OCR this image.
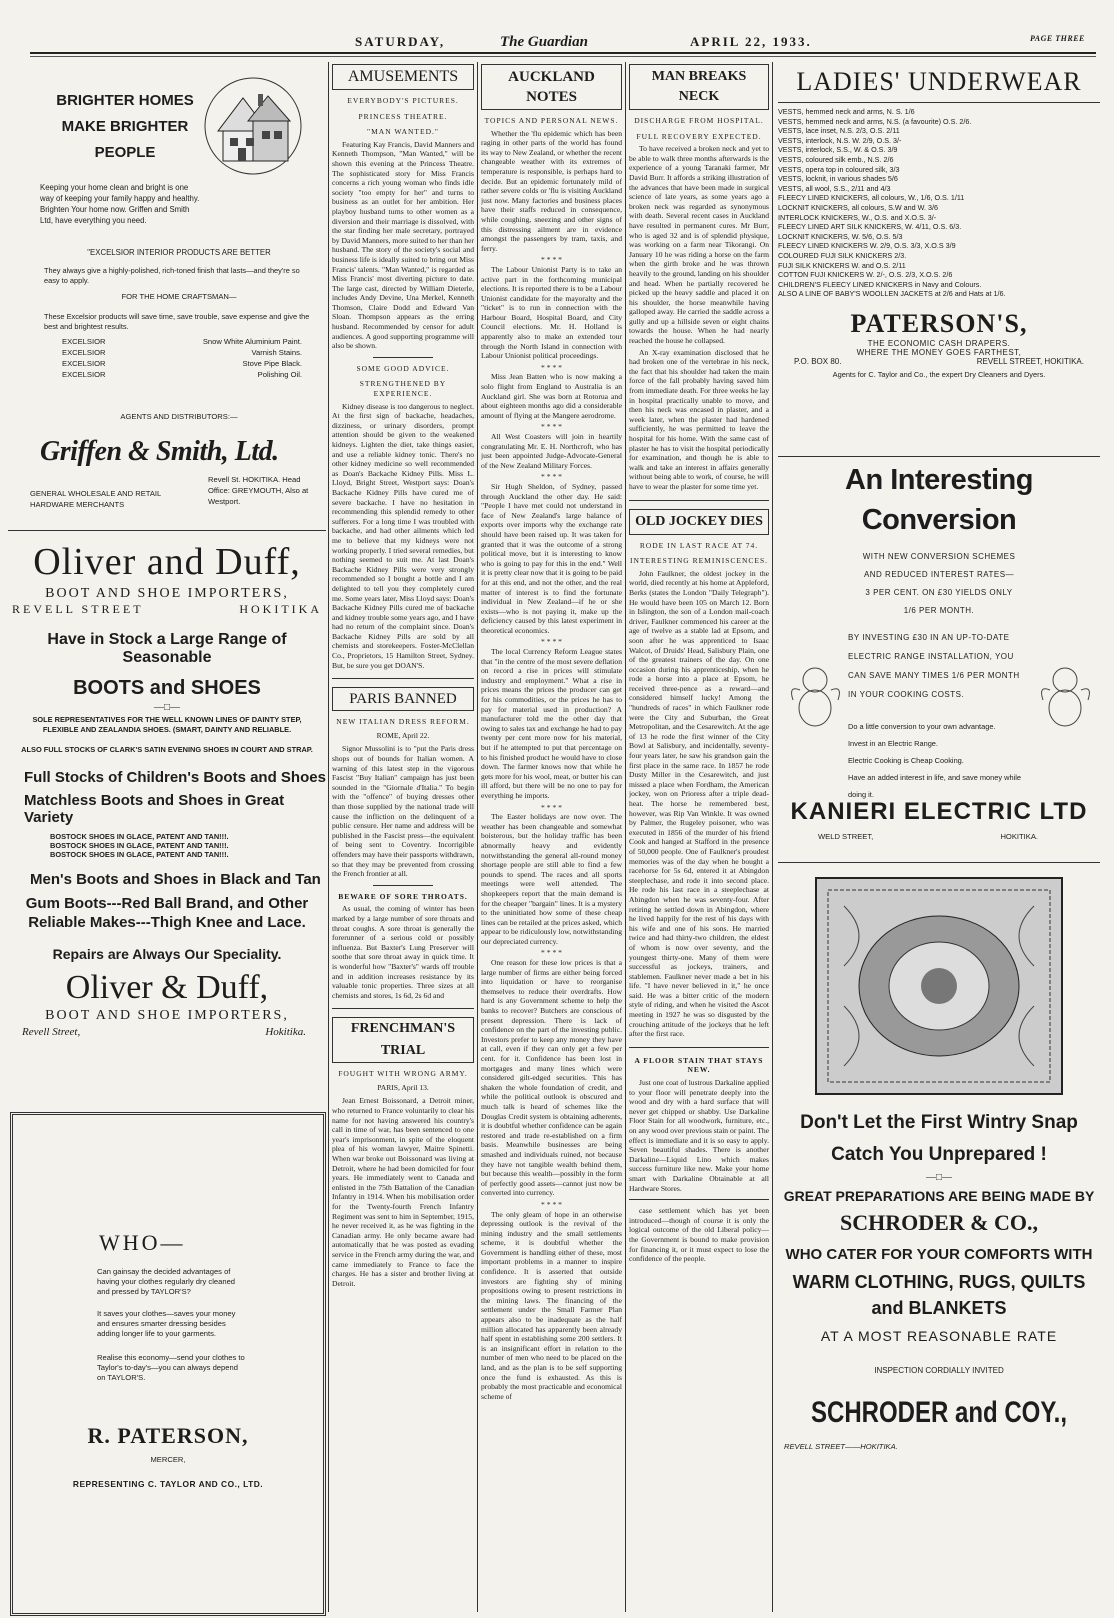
SATURDAY,	The Guardian	APRIL 22, 1933.	PAGE THREE
BRIGHTER HOMES
MAKE BRIGHTER
PEOPLE
Keeping your home clean and bright is one way of keeping your family happy and healthy. Brighten Your home now. Griffen and Smith Ltd, have everything you need.
"EXCELSIOR INTERIOR PRODUCTS ARE BETTER
They always give a highly-polished, rich-toned finish that lasts—and they're so easy to apply.
FOR THE HOME CRAFTSMAN—
These Excelsior products will save time, save trouble, save expense and give the best and brightest results.
EXCELSIOR	Snow White Aluminium Paint.
EXCELSIOR	Varnish Stains.
EXCELSIOR	Stove Pipe Black.
EXCELSIOR	Polishing Oil.
AGENTS AND DISTRIBUTORS:—
Griffen & Smith, Ltd.
GENERAL WHOLESALE AND RETAIL HARDWARE MERCHANTS
Revell St. HOKITIKA. Head Office: GREYMOUTH, Also at Westport.
Oliver and Duff,
BOOT AND SHOE IMPORTERS,
REVELL STREET	HOKITIKA
Have in Stock a Large Range of Seasonable
BOOTS and SHOES
—□—
SOLE REPRESENTATIVES FOR THE WELL KNOWN LINES OF DAINTY STEP, FLEXIBLE AND ZEALANDIA SHOES. (SMART, DAINTY AND RELIABLE.
ALSO FULL STOCKS OF CLARK'S SATIN EVENING SHOES IN COURT AND STRAP.
Full Stocks of Children's Boots and Shoes
Matchless Boots and Shoes in Great Variety
BOSTOCK SHOES IN GLACE, PATENT AND TAN!!!.
BOSTOCK SHOES IN GLACE, PATENT AND TAN!!!.
BOSTOCK SHOES IN GLACE, PATENT AND TAN!!!.
Men's Boots and Shoes in Black and Tan
Gum Boots---Red Ball Brand, and Other Reliable Makes---Thigh Knee and Lace.
Repairs are Always Our Speciality.
Oliver & Duff,
BOOT AND SHOE IMPORTERS,
Revell Street,	Hokitika.
WHO—
Can gainsay the decided advantages of having your clothes regularly dry cleaned and pressed by TAYLOR'S?
It saves your clothes—saves your money and ensures smarter dressing besides adding longer life to your garments.
Realise this economy—send your clothes to Taylor's to-day's—you can always depend on TAYLOR'S.
R. PATERSON,
MERCER,
REPRESENTING C. TAYLOR AND CO., LTD.
AMUSEMENTS
EVERYBODY'S PICTURES.
PRINCESS THEATRE.
"MAN WANTED."

Featuring Kay Francis, David Manners and Kenneth Thompson, "Man Wanted," will be shown this evening at the Princess Theatre. The sophisticated story for Miss Francis concerns a rich young woman who finds idle society "too empty for her" and turns to business as an outlet for her ambition. Her playboy husband turns to other women as a diversion and their marriage is dissolved, with the star finding her male secretary, portrayed by David Manners, more suited to her than her husband. The story of the society's social and business life is ideally suited to bring out Miss Francis' talents. "Man Wanted," is regarded as Miss Francis' most diverting picture to date. The large cast, directed by William Dieterle, includes Andy Devine, Una Merkel, Kenneth Thomson, Claire Dodd and Edward Van Sloan. Thompson appears as the erring husband. Recommended by censor for adult audiences. A good supporting programme will also be shown.

SOME GOOD ADVICE.
STRENGTHENED BY EXPERIENCE.

Kidney disease is too dangerous to neglect. At the first sign of backache, headaches, dizziness, or urinary disorders, prompt attention should be given to the weakened kidneys. Lighten the diet, take things easier, and use a reliable kidney tonic. There's no other kidney medicine so well recommended as Doan's Backache Kidney Pills. Miss L. Lloyd, Bright Street, Westport says: Doan's Backache Kidney Pills have cured me of severe backache. I have no hesitation in recommending this splendid remedy to other sufferers. For a long time I was troubled with backache, and had other ailments which led me to believe that my kidneys were not working properly. I tried several remedies, but nothing seemed to suit me. At last Doan's Backache Kidney Pills were very strongly recommended so I bought a bottle and I am delighted to tell you they completely cured me. Some years later, Miss Lloyd says: Doan's Backache Kidney Pills cured me of backache and kidney trouble some years ago, and I have had no return of the complaint since. Doan's Backache Kidney Pills are sold by all chemists and storekeepers. Foster-McClellan Co., Proprietors, 15 Hamilton Street, Sydney. But, be sure you get DOAN'S.

PARIS BANNED
NEW ITALIAN DRESS REFORM.
ROME, April 22.

Signor Mussolini is to "put the Paris dress shops out of bounds for Italian women. A warning of this latest step in the vigorous Fascist "Buy Italian" campaign has just been sounded in the "Giornale d'Italia." To begin with the "offence" of buying dresses other than those supplied by the national trade will cause the infliction on the delinquent of a public censure. Her name and address will be published in the Fascist press—the equivalent of being sent to Coventry. Incorrigible offenders may have their passports withdrawn, so that they may be prevented from crossing the French frontier at all.

BEWARE OF SORE THROATS.

As usual, the coming of winter has been marked by a large number of sore throats and throat coughs. A sore throat is generally the forerunner of a serious cold or possibly influenza. But Baxter's Lung Preserver will soothe that sore throat away in quick time. It is wonderful how "Baxter's" wards off trouble and in addition increases resistance by its valuable tonic properties. Three sizes at all chemists and stores, 1s 6d, 2s 6d and

FRENCHMAN'S TRIAL
FOUGHT WITH WRONG ARMY.
PARIS, April 13.

Jean Ernest Boissonard, a Detroit miner, who returned to France voluntarily to clear his name for not having answered his country's call in time of war, has been sentenced to one year's imprisonment, in spite of the eloquent plea of his woman lawyer, Maitre Spinetti. When war broke out Boissonard was living at Detroit, where he had been domiciled for four years. He immediately went to Canada and enlisted in the 75th Battalion of the Canadian Infantry in 1914. When his mobilisation order for the Twenty-fourth French Infantry Regiment was sent to him in September, 1915, he never received it, as he was fighting in the Canadian army. He only became aware had automatically that he was posted as evading service in the French army during the war, and came immediately to France to face the charges. He has a sister and brother living at Detroit.

AUCKLAND NOTES
TOPICS AND PERSONAL NEWS.

Whether the 'flu epidemic which has been raging in other parts of the world has found its way to New Zealand, or whether the recent changeable weather with its extremes of temperature is responsible, is perhaps hard to decide. But an epidemic fortunately mild of rather severe colds or 'flu is visiting Auckland just now. Many factories and business places have their staffs reduced in consequence, while coughing, sneezing and other signs of this distressing ailment are in evidence amongst the passengers by tram, taxis, and ferry.

* * * *

The Labour Unionist Party is to take an active part in the forthcoming municipal elections. It is reported there is to be a Labour Unionist candidate for the mayoralty and the "ticket" is to run in connection with the Harbour Board, Hospital Board, and City Council elections. Mr. H. Holland is apparently also to make an extended tour through the North Island in connection with Labour Unionist political proceedings.

* * * *

Miss Jean Batten who is now making a solo flight from England to Australia is an Auckland girl. She was born at Rotorua and about eighteen months ago did a considerable amount of flying at the Mangere aerodrome.

* * * *

All West Coasters will join in heartily congratulating Mr. E. H. Northcroft, who has just been appointed Judge-Advocate-General of the New Zealand Military Forces.

* * * *

Sir Hugh Sheldon, of Sydney, passed through Auckland the other day. He said: "People I have met could not understand in face of New Zealand's large balance of exports over imports why the exchange rate should have been raised up. It was taken for granted that it was the outcome of a strong political move, but it is interesting to know who is going to pay for this in the end." Well it is pretty clear now that it is going to be paid for at this end, and not the other, and the real matter of interest is to find the fortunate individual in New Zealand—if he or she exists—who is not paying it, make up the deficiency caused by this latest experiment in theoretical economics.

* * * *

The local Currency Reform League states that "in the centre of the most severe deflation on record a rise in prices will stimulate industry and employment." What a rise in prices means the prices the producer can get for his commodities, or the prices he has to pay for material used in production? A manufacturer told me the other day that owing to sales tax and exchange he had to pay twenty per cent more now for his material, but if he attempted to put that percentage on to his finished product he would have to close down. The farmer knows now that while he gets more for his wool, meat, or butter his can ill afford, but there will be no one to pay for everything he imports.

* * * *

The Easter holidays are now over. The weather has been changeable and somewhat boisterous, but the holiday traffic has been abnormally heavy and evidently notwithstanding the general all-round money shortage people are still able to find a few pounds to spend. The races and all sports meetings were well attended. The shopkeepers report that the main demand is for the cheaper "bargain" lines. It is a mystery to the uninitiated how some of these cheap lines can be retailed at the prices asked, which appear to be ridiculously low, notwithstanding our depreciated currency.

* * * *

One reason for these low prices is that a large number of firms are either being forced into liquidation or have to reorganise themselves to reduce their overdrafts. How hard is any Government scheme to help the banks to recover? Butchers are conscious of present depression. There is lack of confidence on the part of the investing public. Investors prefer to keep any money they have at call, even if they can only get a few per cent. for it. Confidence has been lost in mortgages and many lines which were considered gilt-edged securities. This has shaken the whole foundation of credit, and while the political outlook is obscured and much talk is heard of schemes like the Douglas Credit system is obtaining adherents, it is doubtful whether confidence can be again restored and trade re-established on a firm basis. Meanwhile businesses are being smashed and individuals ruined, not because they have not tangible wealth behind them, but because this wealth—possibly in the form of perfectly good assets—cannot just now be converted into currency.

* * * *

The only gleam of hope in an otherwise depressing outlook is the revival of the mining industry and the small settlements scheme, it is doubtful whether the Government is handling either of these, most important problems in a manner to inspire confidence. It is asserted that outside investors are fighting shy of mining propositions owing to present restrictions in the mining laws. The financing of the settlement under the Small Farmer Plan appears also to be inadequate as the half million allocated has apparently been already half spent in establishing some 200 settlers. It is an insignificant effort in relation to the number of men who need to be placed on the land, and as the plan is to be self supporting once the fund is exhausted. As this is probably the most practicable and economical scheme of

MAN BREAKS NECK
DISCHARGE FROM HOSPITAL.
FULL RECOVERY EXPECTED.

To have received a broken neck and yet to be able to walk three months afterwards is the experience of a young Taranaki farmer, Mr David Burr. It affords a striking illustration of the advances that have been made in surgical science of late years, as some years ago a broken neck was regarded as synonymous with death. Several recent cases in Auckland have resulted in permanent cures. Mr Burr, who is aged 32 and is of splendid physique, was working on a farm near Tikorangi. On January 10 he was riding a horse on the farm when the girth broke and he was thrown heavily to the ground, landing on his shoulder and head. When he partially recovered he picked up the heavy saddle and placed it on his shoulder, the horse meanwhile having galloped away. He carried the saddle across a gully and up a hillside seven or eight chains towards the house. When he had nearly reached the house he collapsed.

An X-ray examination disclosed that he had broken one of the vertebrae in his neck, the fact that his shoulder had taken the main force of the fall probably having saved him from immediate death. For three weeks he lay in hospital practically unable to move, and then his neck was encased in plaster, and a week later, when the plaster had hardened sufficiently, he was permitted to leave the hospital for his home. With the same cast of plaster he has to visit the hospital periodically for examination, and though he is able to walk and take an interest in affairs generally without being able to work, of course, he will have to wear the plaster for some time yet.

OLD JOCKEY DIES
RODE IN LAST RACE AT 74.
INTERESTING REMINISCENCES.

John Faulkner, the oldest jockey in the world, died recently at his home at Appleford, Berks (states the London "Daily Telegraph"). He would have been 105 on March 12. Born in Islington, the son of a London mail-coach driver, Faulkner commenced his career at the age of twelve as a stable lad at Epsom, and soon after he was apprenticed to Isaac Walcot, of Druids' Head, Salisbury Plain, one of the greatest trainers of the day. On one occasion during his apprenticeship, when he rode a horse into a place at Epsom, he received three-pence as a reward—and considered himself lucky! Among the "hundreds of races" in which Faulkner rode were the City and Suburban, the Great Metropolitan, and the Cesarewitch. At the age of 13 he rode the first winner of the City Bowl at Salisbury, and incidentally, seventy-four years later, he saw his grandson gain the first place in the same race. In 1857 he rode Dusty Miller in the Cesarewitch, and just missed a place when Fordham, the American jockey, won on Prioress after a triple dead-heat. The horse he remembered best, however, was Rip Van Winkle. It was owned by Palmer, the Rugeley poisoner, who was executed in 1856 of the murder of his friend Cook and hanged at Stafford in the presence of 50,000 people. One of Faulkner's proudest memories was of the day when he bought a racehorse for 5s 6d, entered it at Abingdon steeplechase, and rode it into second place. He rode his last race in a steeplechase at Abingdon when he was seventy-four. After retiring he settled down in Abingdon, where he lived happily for the rest of his days with his wife and one of his sons. He married twice and had thirty-two children, the eldest of whom is now over seventy, and the youngest thirty-one. Many of them were successful as jockeys, trainers, and stablemen. Faulkner never made a bet in his life. "I have never believed in it," he once said. He was a bitter critic of the modern style of riding, and when he visited the Ascot meeting in 1927 he was so disgusted by the crouching attitude of the jockeys that he left after the first race.

A FLOOR STAIN THAT STAYS NEW.

Just one coat of lustrous Darkaline applied to your floor will penetrate deeply into the wood and dry with a hard surface that will never get chipped or shabby. Use Darkaline Floor Stain for all woodwork, furniture, etc., on any wood over previous stain or paint. The effect is immediate and it is so easy to apply. Seven beautiful shades. There is another Darkaline—Liquid Lino which makes success furniture like new. Make your home smart with Darkaline Obtainable at all Hardware Stores.

case settlement which has yet been introduced—though of course it is only the logical outcome of the old Liberal policy—the Government is bound to make provision for financing it, or it must expect to lose the confidence of the people.

LADIES' UNDERWEAR
VESTS, hemmed neck and arms, N. S. 1/6
VESTS, hemmed neck and arms, N.S. (a favourite) O.S. 2/6.
VESTS, lace inset, N.S. 2/3, O.S. 2/11
VESTS, interlock, N.S. W. 2/9, O.S. 3/-
VESTS, interlock, S.S., W. & O.S. 3/9
VESTS, coloured silk emb., N.S. 2/6
VESTS, opera top in coloured silk, 3/3
VESTS, locknit, in various shades 5/6
VESTS, all wool, S.S., 2/11 and 4/3
FLEECY LINED KNICKERS, all colours, W., 1/6, O.S. 1/11
LOCKNIT KNICKERS, all colours, S.W and W. 3/6
INTERLOCK KNICKERS, W., O.S. and X.O.S. 3/-
FLEECY LINED ART SILK KNICKERS, W. 4/11, O.S. 6/3.
LOCKNIT KNICKERS, W. 5/6, O.S. 5/3
FLEECY LINED KNICKERS W. 2/9, O.S. 3/3, X.O.S 3/9
COLOURED FUJI SILK KNICKERS 2/3.
FUJI SILK KNICKERS W. and O.S. 2/11
COTTON FUJI KNICKERS W. 2/-, O.S. 2/3, X.O.S. 2/6
CHILDREN'S FLEECY LINED KNICKERS in Navy and Colours.
ALSO A LINE OF BABY'S WOOLLEN JACKETS at 2/6 and Hats at 1/6.
PATERSON'S,
THE ECONOMIC CASH DRAPERS.
WHERE THE MONEY GOES FARTHEST,
P.O. BOX 80.	REVELL STREET, HOKITIKA.
Agents for C. Taylor and Co., the expert Dry Cleaners and Dyers.
An Interesting Conversion
WITH NEW CONVERSION SCHEMES
AND REDUCED INTEREST RATES—
3 PER CENT. ON £30 YIELDS ONLY
1/6 PER MONTH.
BY INVESTING £30 IN AN UP-TO-DATE ELECTRIC RANGE INSTALLATION, YOU CAN SAVE MANY TIMES 1/6 PER MONTH IN YOUR COOKING COSTS.
Do a little conversion to your own advantage.
Invest in an Electric Range.
Electric Cooking is Cheap Cooking.
Have an added interest in life, and save money while doing it.
KANIERI ELECTRIC LTD
WELD STREET,	HOKITIKA.
Don't Let the First Wintry Snap
Catch You Unprepared !
—□—
GREAT PREPARATIONS ARE BEING MADE BY
SCHRODER & CO.,
WHO CATER FOR YOUR COMFORTS WITH
WARM CLOTHING, RUGS, QUILTS
and BLANKETS
AT A MOST REASONABLE RATE
INSPECTION CORDIALLY INVITED
SCHRODER and COY.,
REVELL STREET——HOKITIKA.
